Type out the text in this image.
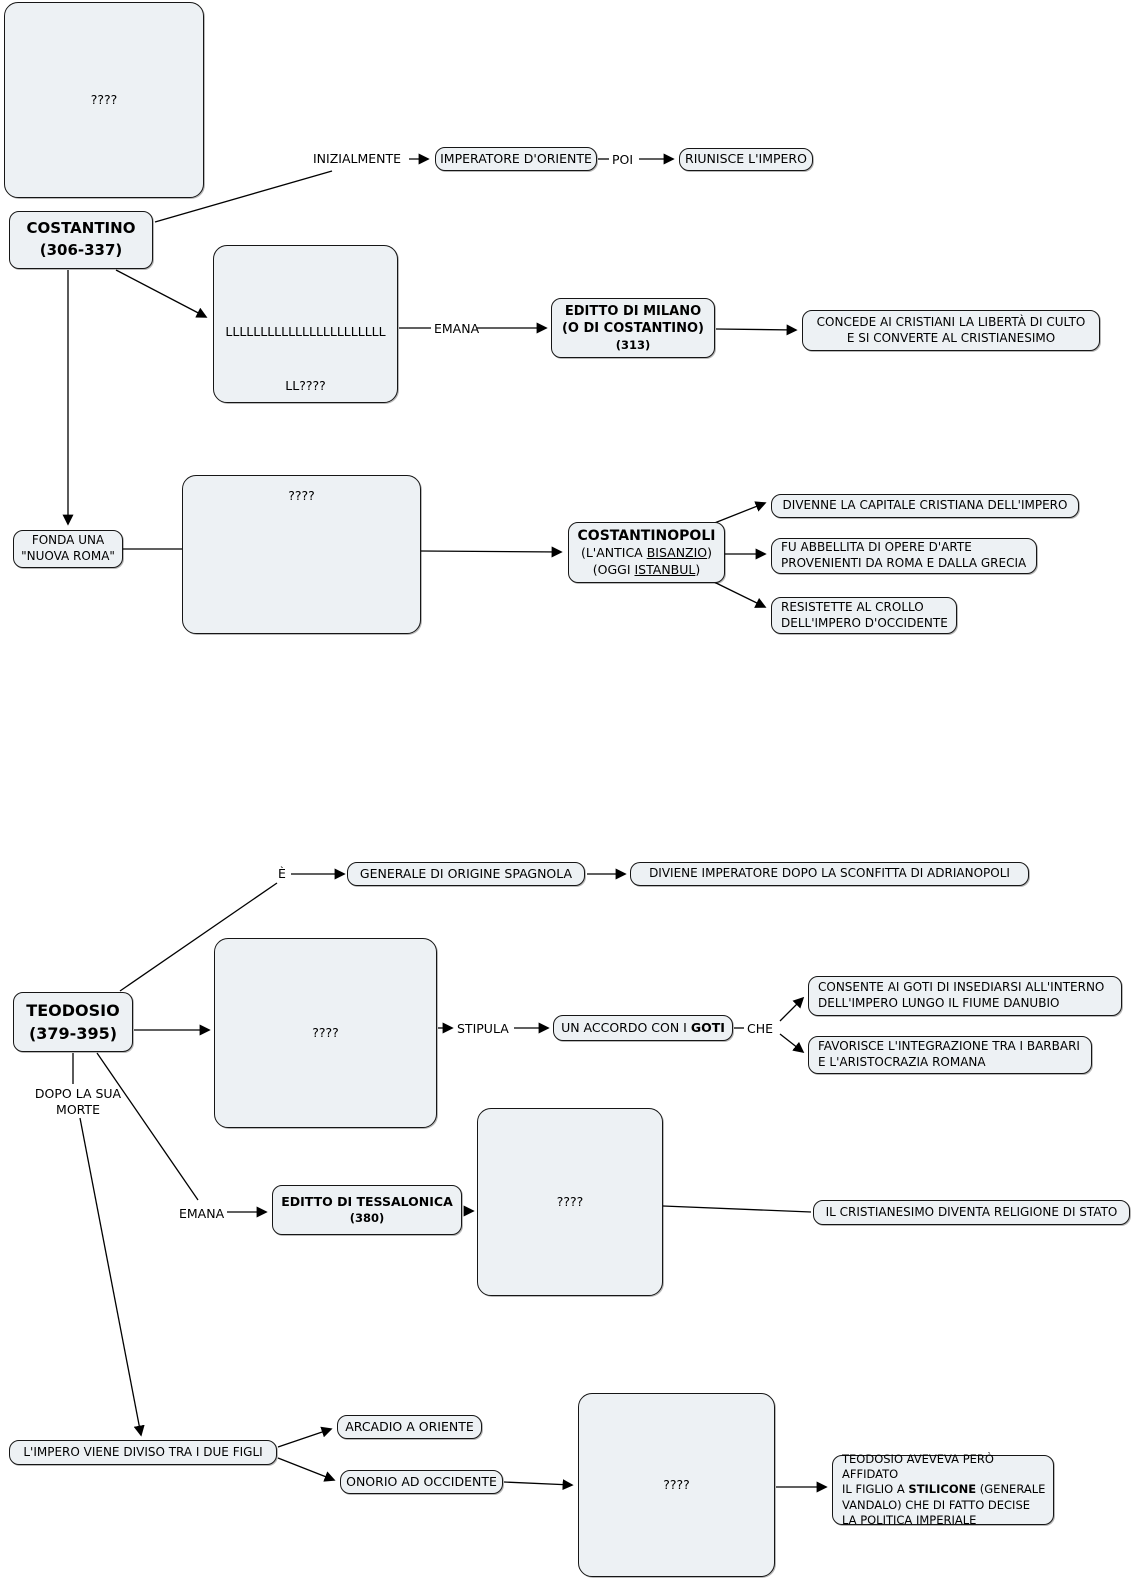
????
COSTANTINO
(306-337)
INIZIALMENTE	IMPERATORE D'ORIENTE POI	RIUNISCE L'IMPERO
LLLLLLLLLLLLLLLLLLLLLLL
LL????
EMANA
EDITTO DI MILANO
(O DI COSTANTINO)
(313)
CONCEDE AI CRISTIANI LA LIBERTÀ DI CULTO
E SI CONVERTE AL CRISTIANESIMO
FONDA UNA
"NUOVA ROMA"
????
COSTANTINOPOLI
(L'ANTICA BISANZIO)
(OGGI ISTANBUL)
DIVENNE LA CAPITALE CRISTIANA DELL'IMPERO
FU ABBELLITA DI OPERE D'ARTE
PROVENIENTI DA ROMA E DALLA GRECIA
RESISTETTE AL CROLLO
DELL'IMPERO D'OCCIDENTE
È	GENERALE DI ORIGINE SPAGNOLA	DIVIENE IMPERATORE DOPO LA SCONFITTA DI ADRIANOPOLI
TEODOSIO
(379-395)	????	STIPULA	UN ACCORDO CON I GOTI CHE
CONSENTE AI GOTI DI INSEDIARSI ALL'INTERNO
DELL'IMPERO LUNGO IL FIUME DANUBIO
FAVORISCE L'INTEGRAZIONE TRA I BARBARI
E L'ARISTOCRAZIA ROMANA
DOPO LA SUA
MORTE
EMANA
EDITTO DI TESSALONICA
(380)
????
IL CRISTIANESIMO DIVENTA RELIGIONE DI STATO
L'IMPERO VIENE DIVISO TRA I DUE FIGLI
ARCADIO A ORIENTE
ONORIO AD OCCIDENTE	????
TEODOSIO AVEVEVA PERÒ AFFIDATO
IL FIGLIO A STILICONE (GENERALE
VANDALO) CHE DI FATTO DECISE
LA POLITICA IMPERIALE
